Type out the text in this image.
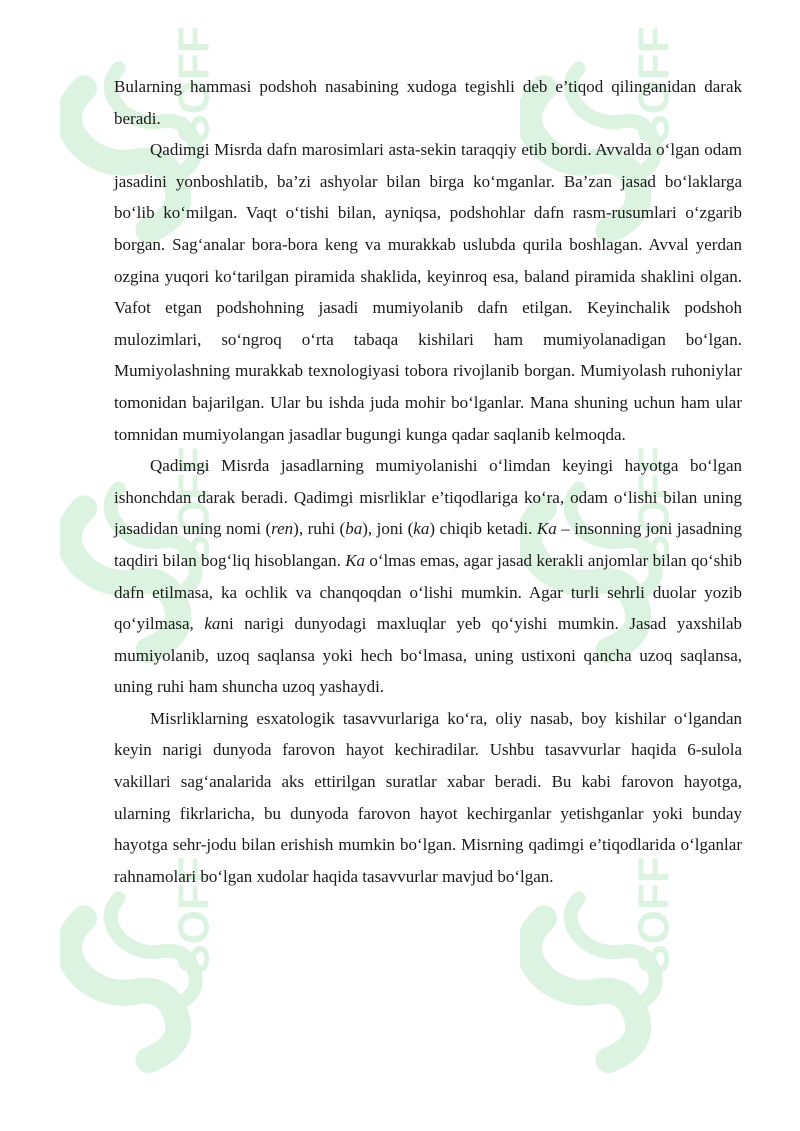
Bularning hammasi podshoh nasabining xudoga tegishli deb e’tiqod qilinganidan darak beradi.

Qadimgi Misrda dafn marosimlari asta-sekin taraqqiy etib bordi. Avvalda o‘lgan odam jasadini yonboshlatib, ba’zi ashyolar bilan birga ko‘mganlar. Ba’zan jasad bo‘laklarga bo‘lib ko‘milgan. Vaqt o‘tishi bilan, ayniqsa, podshohlar dafn rasm-rusumlari o‘zgarib borgan. Sag‘analar bora-bora keng va murakkab uslubda qurila boshlagan. Avval yerdan ozgina yuqori ko‘tarilgan piramida shaklida, keyinroq esa, baland piramida shaklini olgan. Vafot etgan podshohning jasadi mumiyolanib dafn etilgan. Keyinchalik podshoh mulozimlari, so‘ngroq o‘rta tabaqa kishilari ham mumiyolanadigan bo‘lgan. Mumiyolashning murakkab texnologiyasi tobora rivojlanib borgan. Mumiyolash ruhoniylar tomonidan bajarilgan. Ular bu ishda juda mohir bo‘lganlar. Mana shuning uchun ham ular tomnidan mumiyolangan jasadlar bugungi kunga qadar saqlanib kelmoqda.

Qadimgi Misrda jasadlarning mumiyolanishi o‘limdan keyingi hayotga bo‘lgan ishonchdan darak beradi. Qadimgi misrliklar e’tiqodlariga ko‘ra, odam o‘lishi bilan uning jasadidan uning nomi (ren), ruhi (ba), joni (ka) chiqib ketadi. Ka – insonning joni jasadning taqdiri bilan bog‘liq hisoblangan. Ka o‘lmas emas, agar jasad kerakli anjomlar bilan qo‘shib dafn etilmasa, ka ochlik va chanqoqdan o‘lishi mumkin. Agar turli sehrli duolar yozib qo‘yilmasa, kani narigi dunyodagi maxluqlar yeb qo‘yishi mumkin. Jasad yaxshilab mumiyolanib, uzoq saqlansa yoki hech bo‘lmasa, uning ustixoni qancha uzoq saqlansa, uning ruhi ham shuncha uzoq yashaydi.

Misrliklarning esxatologik tasavvurlariga ko‘ra, oliy nasab, boy kishilar o‘lgandan keyin narigi dunyoda farovon hayot kechiradilar. Ushbu tasavvurlar haqida 6-sulola vakillari sag‘analarida aks ettirilgan suratlar xabar beradi. Bu kabi farovon hayotga, ularning fikrlaricha, bu dunyoda farovon hayot kechirganlar yetishganlar yoki bunday hayotga sehr-jodu bilan erishish mumkin bo‘lgan. Misrning qadimgi e’tiqodlarida o‘lganlar rahnamolari bo‘lgan xudolar haqida tasavvurlar mavjud bo‘lgan.
